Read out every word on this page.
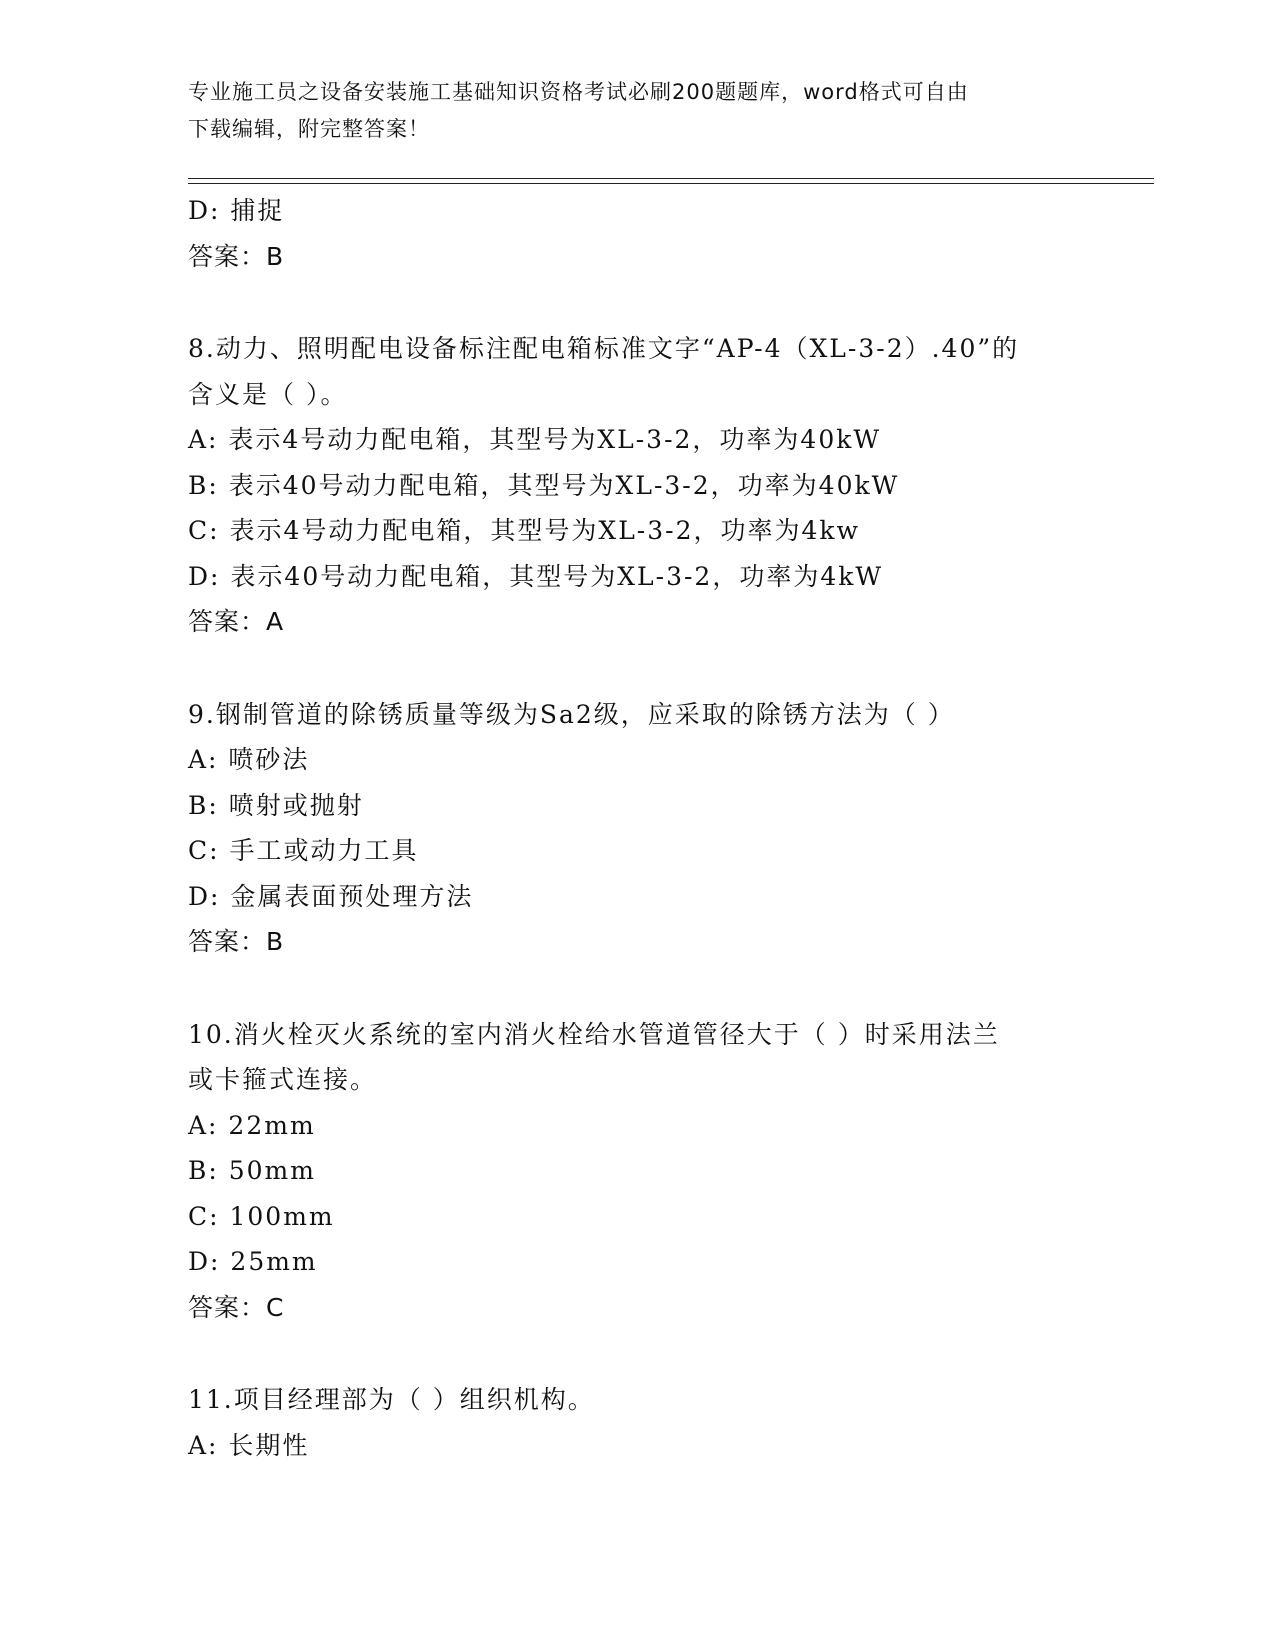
专业施工员之设备安装施工基础知识资格考试必刷200题题库，word格式可自由
下载编辑，附完整答案！
D: 捕捉
答案：B
8.动力、照明配电设备标注配电箱标准文字“AP-4（XL-3-2）.40”的
含义是（ ）。
A: 表示4号动力配电箱，其型号为XL-3-2，功率为40kW
B: 表示40号动力配电箱，其型号为XL-3-2，功率为40kW
C: 表示4号动力配电箱，其型号为XL-3-2，功率为4kw
D: 表示40号动力配电箱，其型号为XL-3-2，功率为4kW
答案：A
9.钢制管道的除锈质量等级为Sa2级，应采取的除锈方法为（ ）
A: 喷砂法
B: 喷射或抛射
C: 手工或动力工具
D: 金属表面预处理方法
答案：B
10.消火栓灭火系统的室内消火栓给水管道管径大于（ ）时采用法兰
或卡箍式连接。
A: 22mm
B: 50mm
C: 100mm
D: 25mm
答案：C
11.项目经理部为（ ）组织机构。
A: 长期性
